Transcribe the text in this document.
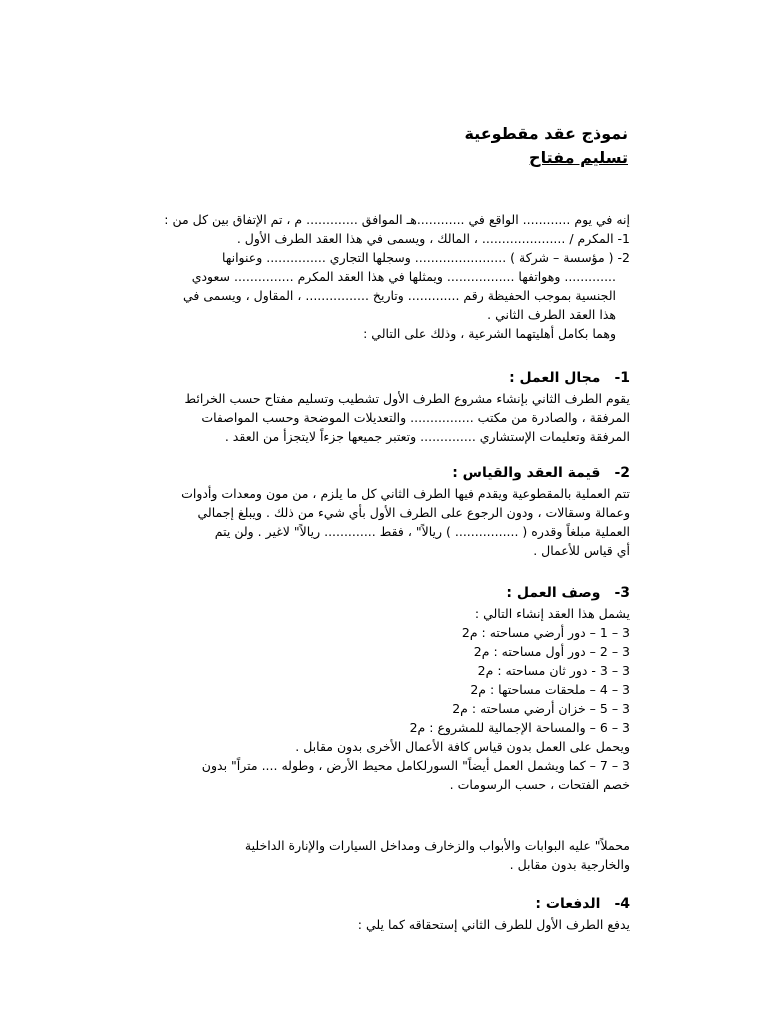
نموذج عقد مقطوعية
تسليم مفتاح
إنه في يوم ............ الواقع في ............هـ الموافق ............. م ، تم الإتفاق بين كل من :
1- المكرم / ..................... ، المالك ، ويسمى في هذا العقد الطرف الأول .
2- ( مؤسسة – شركة ) ....................... وسجلها التجاري ............... وعنوانها
............. وهواتفها ................. ويمثلها في هذا العقد المكرم ............... سعودي
الجنسية بموجب الحفيظة رقم ............. وتاريخ ................ ، المقاول ، ويسمى في
هذا العقد الطرف الثاني .
وهما بكامل أهليتهما الشرعية ، وذلك على التالي :
1-مجال العمل :
يقوم الطرف الثاني بإنشاء مشروع الطرف الأول تشطيب وتسليم مفتاح حسب الخرائط
المرفقة ، والصادرة من مكتب ................ والتعديلات الموضحة وحسب المواصفات
المرفقة وتعليمات الإستشاري .............. وتعتبر جميعها جزءاً لايتجزأ من العقد .
2-قيمة العقد والقياس :
تتم العملية بالمقطوعية ويقدم فيها الطرف الثاني كل ما يلزم ، من مون ومعدات وأدوات
وعمالة وسقالات ، ودون الرجوع على الطرف الأول بأي شيء من ذلك . ويبلغ إجمالي
العملية مبلغاً وقدره ( ................ ) ريالاً" ، فقط ............. ريالاً" لاغير . ولن يتم
أي قياس للأعمال .
3-وصف العمل :
يشمل هذا العقد إنشاء التالي :
3 – 1 – دور أرضي مساحته : م2
3 – 2 – دور أول مساحته : م2
3 – 3 - دور ثان مساحته : م2
3 – 4 – ملحقات مساحتها : م2
3 – 5 – خزان أرضي مساحته : م2
3 – 6 – والمساحة الإجمالية للمشروع : م2
ويحمل على العمل بدون قياس كافة الأعمال الأخرى بدون مقابل .
3 – 7 – كما ويشمل العمل أيضاً" السورلكامل محيط الأرض ، وطوله .... متراً" بدون
خصم الفتحات ، حسب الرسومات .
محملاً" عليه البوابات والأبواب والزخارف ومداخل السيارات والإنارة الداخلية
والخارجية بدون مقابل .
4-الدفعات :
يدفع الطرف الأول للطرف الثاني إستحقاقه كما يلي :
